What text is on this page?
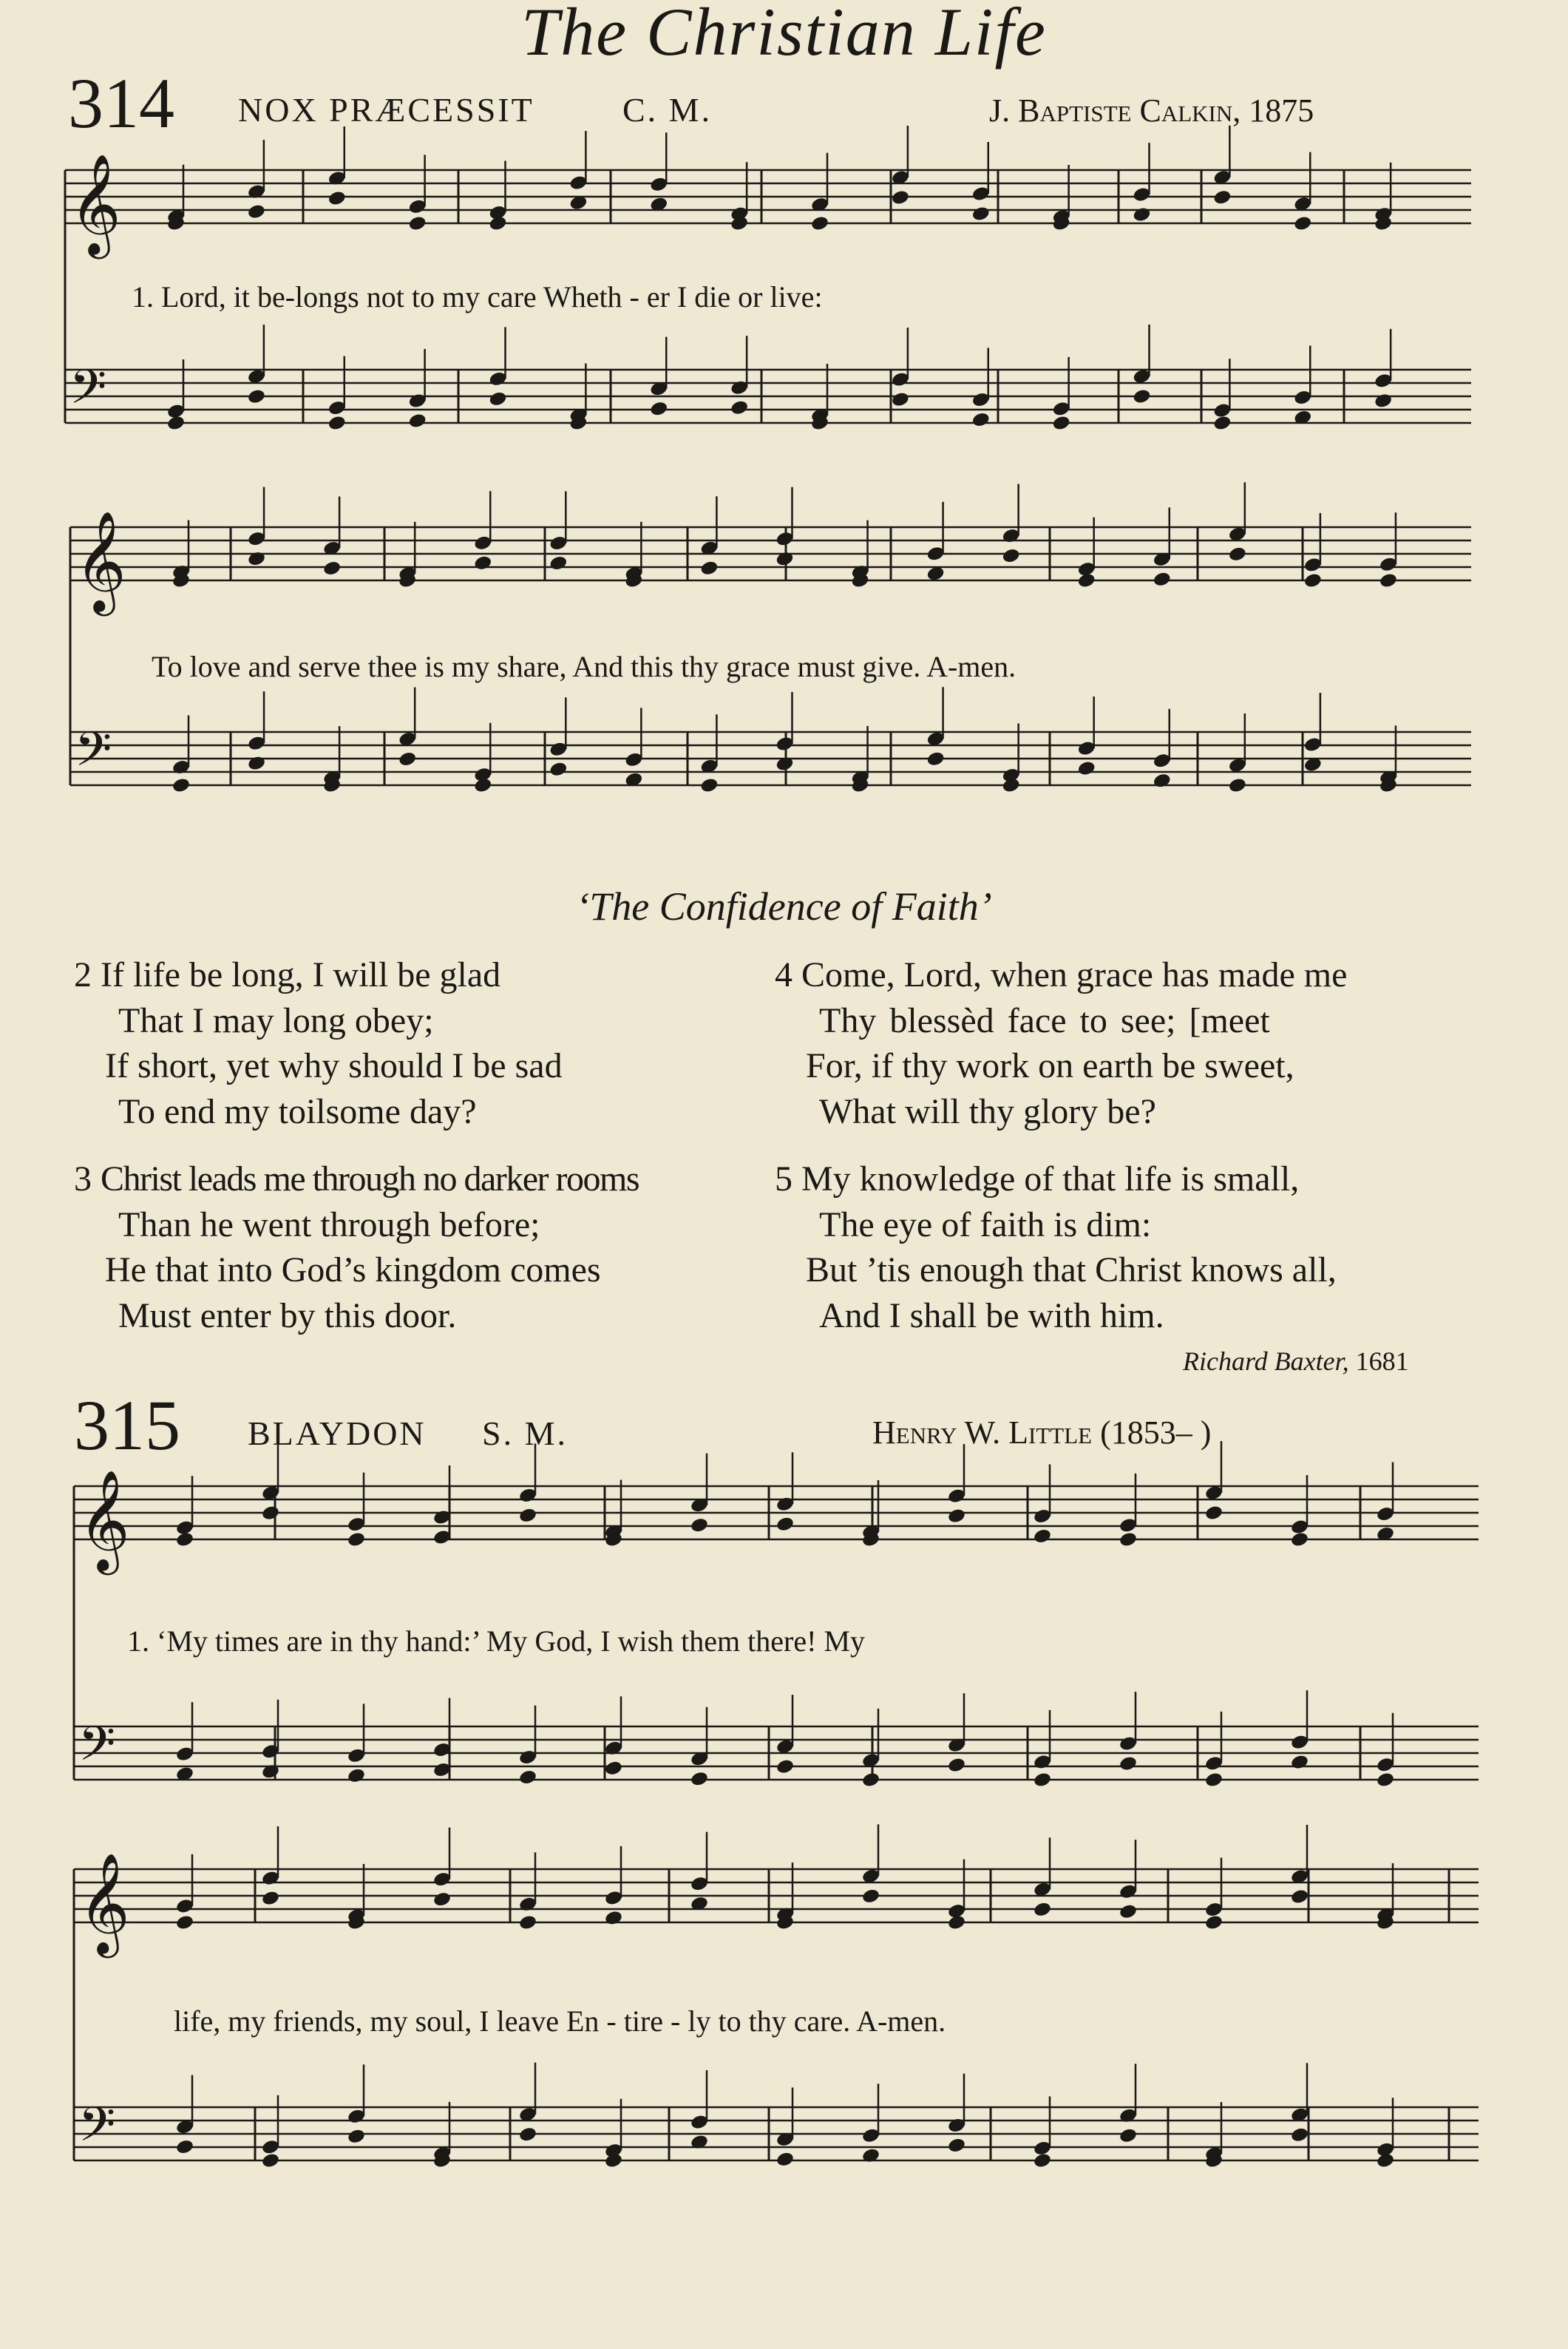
The Christian Life
314 NOX PRÆCESSIT	C. M.	J. Baptiste Calkin, 1875
𝄞
𝄢
𝄞
𝄢
𝄞
𝄢
𝄞
𝄢
1. Lord, it be-longs not to my care Wheth - er I die or live:
To love and serve thee is my share, And this thy grace must give. A-men.
‘The Confidence of Faith’
2 If life be long, I will be glad
That I may long obey;
If short, yet why should I be sad
To end my toilsome day?
3 Christ leads me through no darker rooms
Than he went through before;
He that into God’s kingdom comes
Must enter by this door.
4 Come, Lord, when grace has made me
Thy blessèd face to see; [meet
For, if thy work on earth be sweet,
What will thy glory be?
5 My knowledge of that life is small,
The eye of faith is dim:
But ’tis enough that Christ knows all,
And I shall be with him.
Richard Baxter, 1681
315 BLAYDON S. M.	Henry W. Little (1853– )
1. ‘My times are in thy hand:’ My God, I wish them there! My
life, my friends, my soul, I leave En - tire - ly to thy care. A-men.
